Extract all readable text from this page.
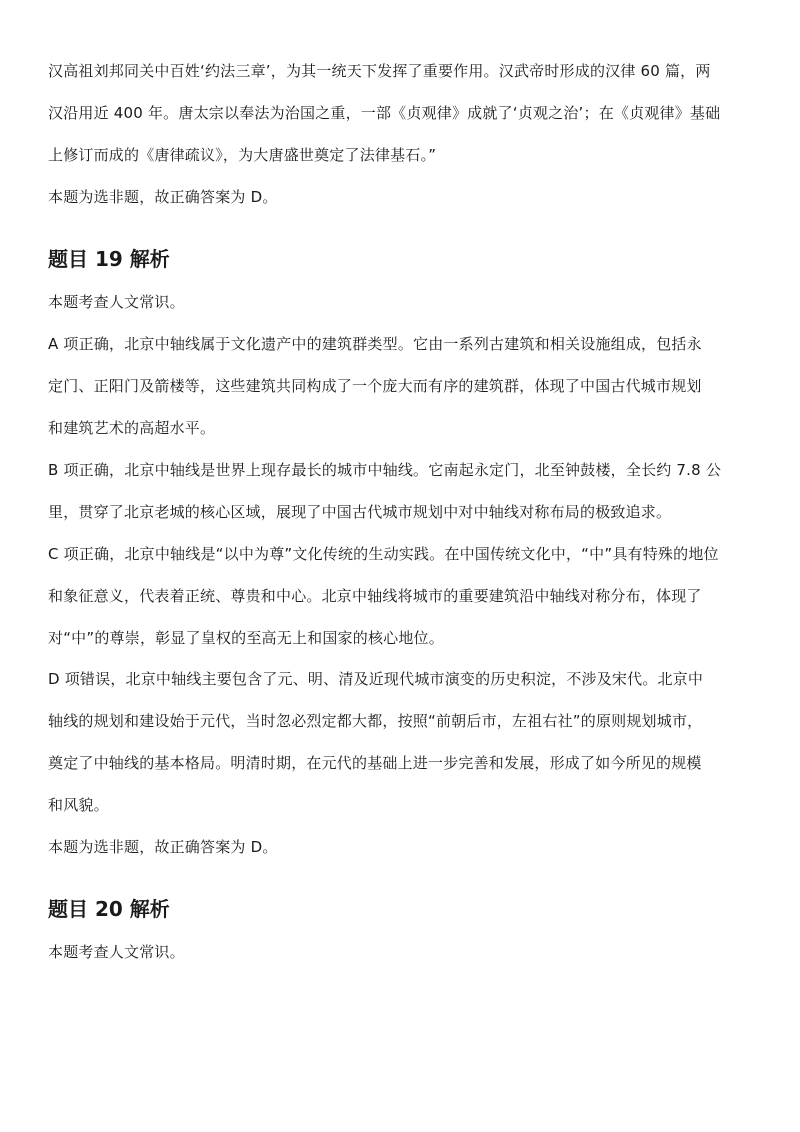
汉高祖刘邦同关中百姓‘约法三章’，为其一统天下发挥了重要作用。汉武帝时形成的汉律 60 篇，两
汉沿用近 400 年。唐太宗以奉法为治国之重，一部《贞观律》成就了‘贞观之治’；在《贞观律》基础
上修订而成的《唐律疏议》，为大唐盛世奠定了法律基石。”
本题为选非题，故正确答案为 D。
题目 19 解析
本题考查人文常识。
A 项正确，北京中轴线属于文化遗产中的建筑群类型。它由一系列古建筑和相关设施组成，包括永
定门、正阳门及箭楼等，这些建筑共同构成了一个庞大而有序的建筑群，体现了中国古代城市规划
和建筑艺术的高超水平。
B 项正确，北京中轴线是世界上现存最长的城市中轴线。它南起永定门，北至钟鼓楼，全长约 7.8 公
里，贯穿了北京老城的核心区域，展现了中国古代城市规划中对中轴线对称布局的极致追求。
C 项正确，北京中轴线是“以中为尊”文化传统的生动实践。在中国传统文化中，“中”具有特殊的地位
和象征意义，代表着正统、尊贵和中心。北京中轴线将城市的重要建筑沿中轴线对称分布，体现了
对“中”的尊崇，彰显了皇权的至高无上和国家的核心地位。
D 项错误，北京中轴线主要包含了元、明、清及近现代城市演变的历史积淀，不涉及宋代。北京中
轴线的规划和建设始于元代，当时忽必烈定都大都，按照“前朝后市，左祖右社”的原则规划城市，
奠定了中轴线的基本格局。明清时期，在元代的基础上进一步完善和发展，形成了如今所见的规模
和风貌。
本题为选非题，故正确答案为 D。
题目 20 解析
本题考查人文常识。
